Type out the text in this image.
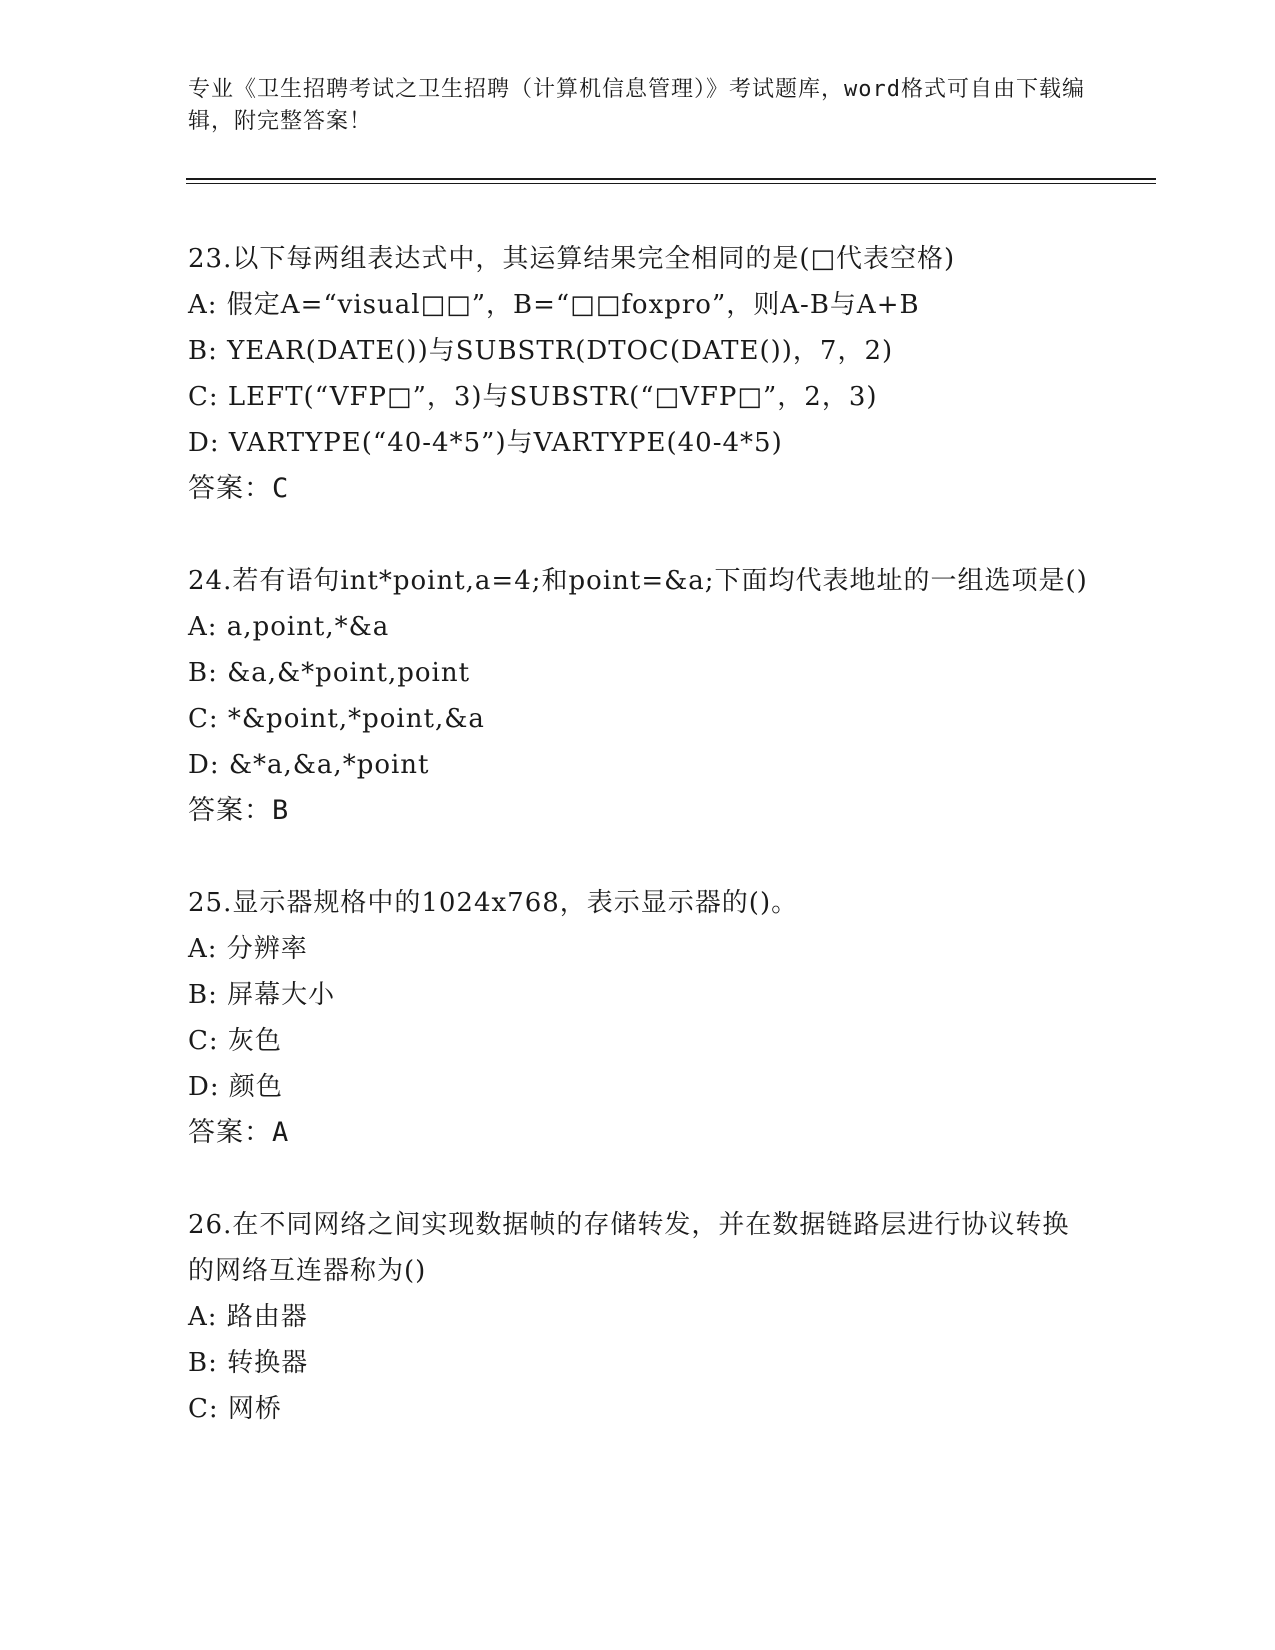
专业《卫生招聘考试之卫生招聘（计算机信息管理）》考试题库，word格式可自由下载编辑，附完整答案！

23.以下每两组表达式中，其运算结果完全相同的是(□代表空格)

A: 假定A=“visual□□”，B=“□□foxpro”，则A-B与A+B

B: YEAR(DATE())与SUBSTR(DTOC(DATE())，7，2)

C: LEFT(“VFP□”，3)与SUBSTR(“□VFP□”，2，3)

D: VARTYPE(“40-4*5”)与VARTYPE(40-4*5)

答案：C

24.若有语句int*point,a=4;和point=&a;下面均代表地址的一组选项是()

A: a,point,*&a

B: &a,&*point,point

C: *&point,*point,&a

D: &*a,&a,*point

答案：B

25.显示器规格中的1024x768，表示显示器的()。

A: 分辨率

B: 屏幕大小

C: 灰色

D: 颜色

答案：A

26.在不同网络之间实现数据帧的存储转发，并在数据链路层进行协议转换的网络互连器称为()

A: 路由器

B: 转换器

C: 网桥
